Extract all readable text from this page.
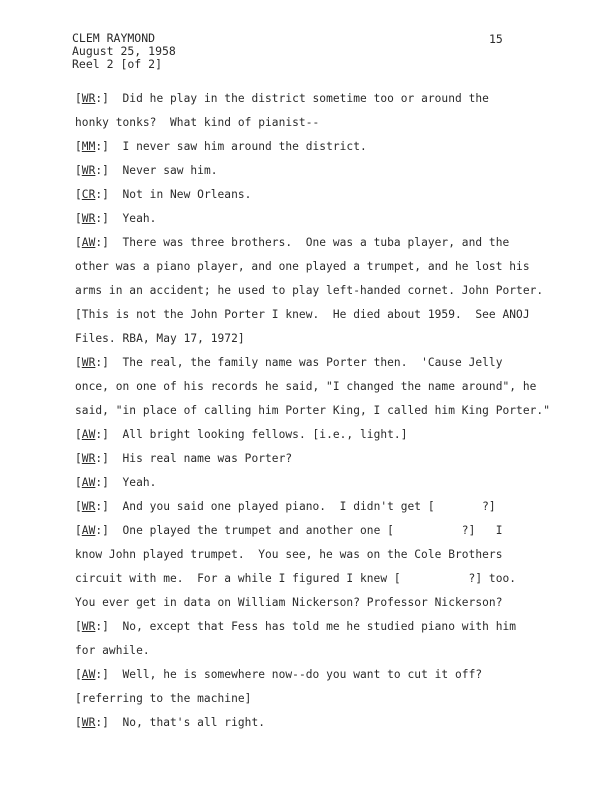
CLEM RAYMOND
August 25, 1958
Reel 2 [of 2]
15
[WR:]  Did he play in the district sometime too or around the
honky tonks?  What kind of pianist--
[MM:]  I never saw him around the district.
[WR:]  Never saw him.
[CR:]  Not in New Orleans.
[WR:]  Yeah.
[AW:]  There was three brothers.  One was a tuba player, and the
other was a piano player, and one played a trumpet, and he lost his
arms in an accident; he used to play left-handed cornet. John Porter.
[This is not the John Porter I knew.  He died about 1959.  See ANOJ
Files. RBA, May 17, 1972]
[WR:]  The real, the family name was Porter then.  'Cause Jelly
once, on one of his records he said, "I changed the name around", he
said, "in place of calling him Porter King, I called him King Porter."
[AW:]  All bright looking fellows. [i.e., light.]
[WR:]  His real name was Porter?
[AW:]  Yeah.
[WR:]  And you said one played piano.  I didn't get [       ?]
[AW:]  One played the trumpet and another one [          ?]   I
know John played trumpet.  You see, he was on the Cole Brothers
circuit with me.  For a while I figured I knew [          ?] too.
You ever get in data on William Nickerson? Professor Nickerson?
[WR:]  No, except that Fess has told me he studied piano with him
for awhile.
[AW:]  Well, he is somewhere now--do you want to cut it off?
[referring to the machine]
[WR:]  No, that's all right.
